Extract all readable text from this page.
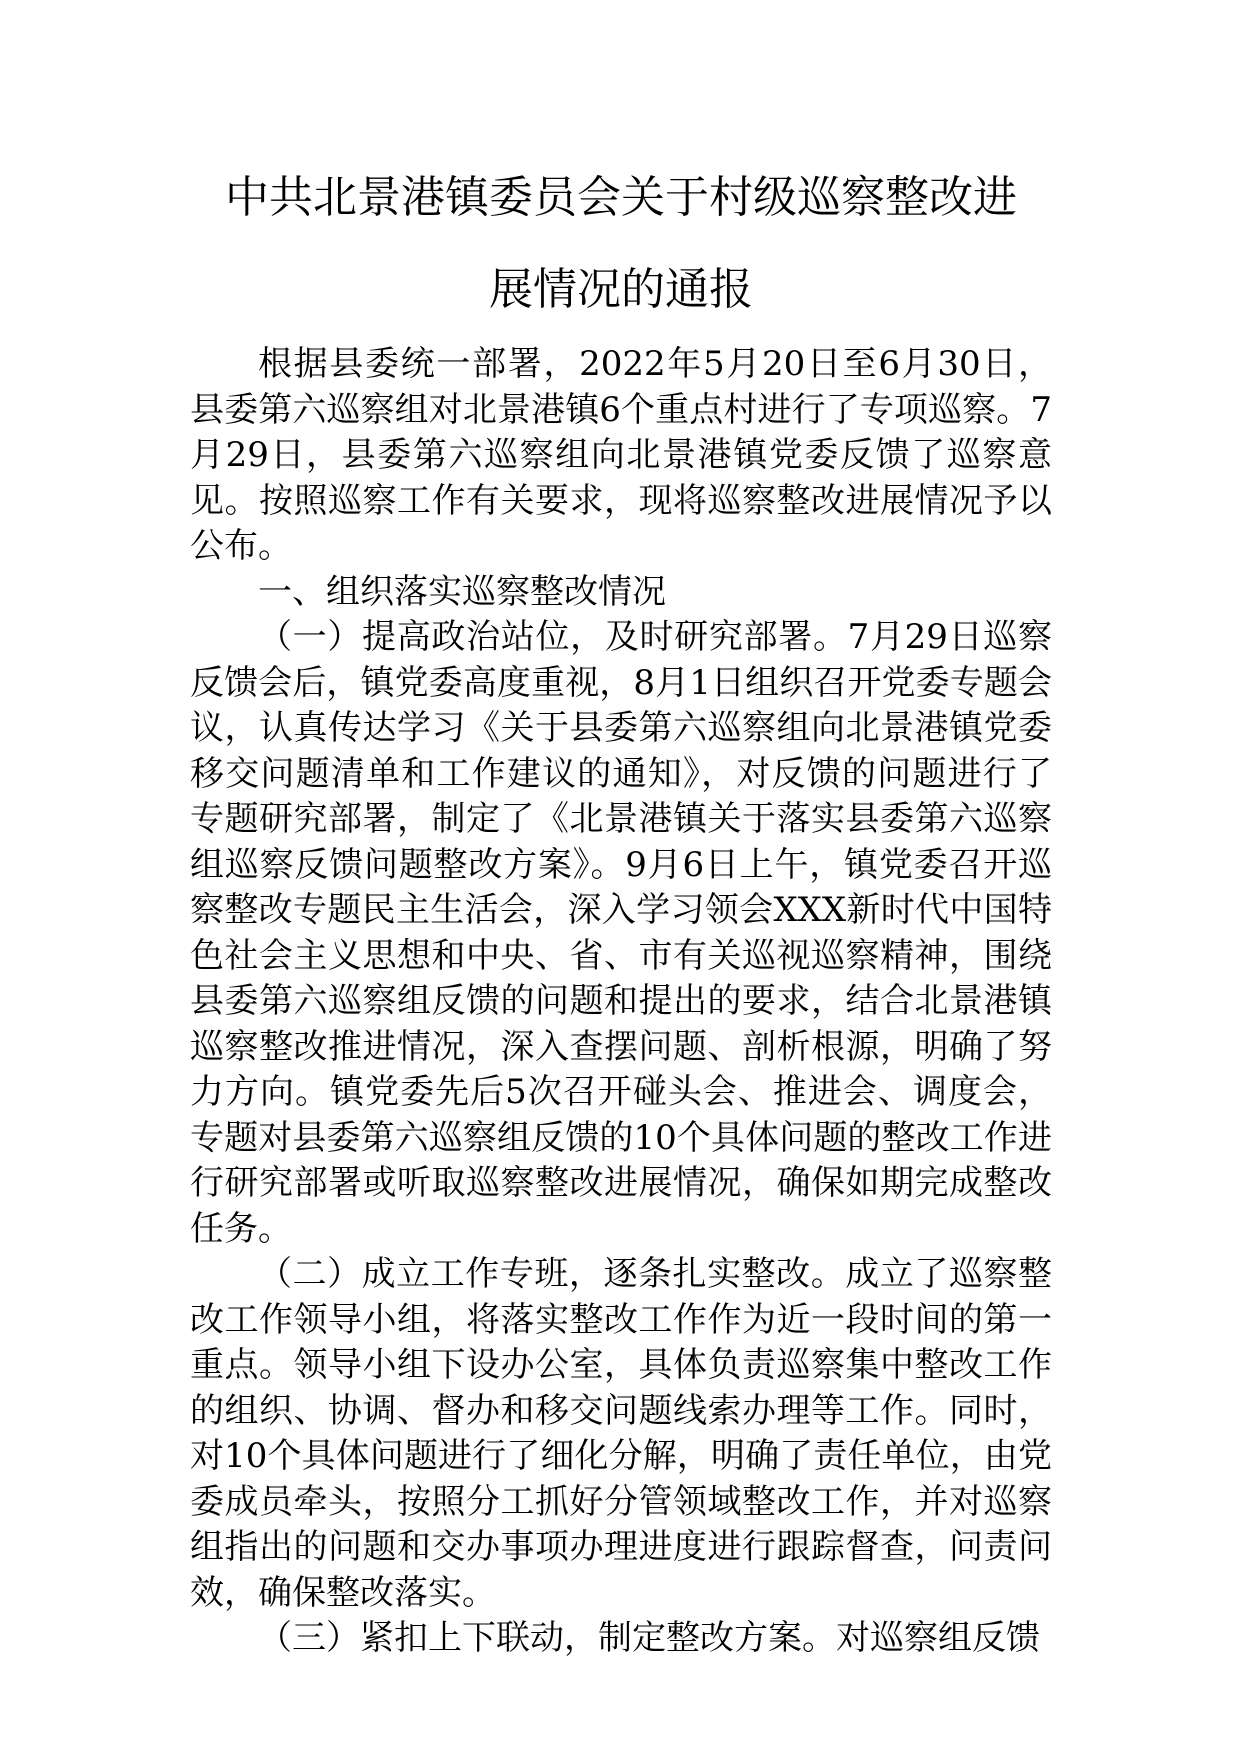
中共北景港镇委员会关于村级巡察整改进
展情况的通报

根据县委统一部署，2022年5月20日至6月30日，县委第六巡察组对北景港镇6个重点村进行了专项巡察。7月29日，县委第六巡察组向北景港镇党委反馈了巡察意见。按照巡察工作有关要求，现将巡察整改进展情况予以公布。

一、组织落实巡察整改情况

（一）提高政治站位，及时研究部署。7月29日巡察反馈会后，镇党委高度重视，8月1日组织召开党委专题会议，认真传达学习《关于县委第六巡察组向北景港镇党委移交问题清单和工作建议的通知》，对反馈的问题进行了专题研究部署，制定了《北景港镇关于落实县委第六巡察组巡察反馈问题整改方案》。9月6日上午，镇党委召开巡察整改专题民主生活会，深入学习领会XXX新时代中国特色社会主义思想和中央、省、市有关巡视巡察精神，围绕县委第六巡察组反馈的问题和提出的要求，结合北景港镇巡察整改推进情况，深入查摆问题、剖析根源，明确了努力方向。镇党委先后5次召开碰头会、推进会、调度会，专题对县委第六巡察组反馈的10个具体问题的整改工作进行研究部署或听取巡察整改进展情况，确保如期完成整改任务。

（二）成立工作专班，逐条扎实整改。成立了巡察整改工作领导小组，将落实整改工作作为近一段时间的第一重点。领导小组下设办公室，具体负责巡察集中整改工作的组织、协调、督办和移交问题线索办理等工作。同时，对10个具体问题进行了细化分解，明确了责任单位，由党委成员牵头，按照分工抓好分管领域整改工作，并对巡察组指出的问题和交办事项办理进度进行跟踪督查，问责问效，确保整改落实。

（三）紧扣上下联动，制定整改方案。对巡察组反馈
